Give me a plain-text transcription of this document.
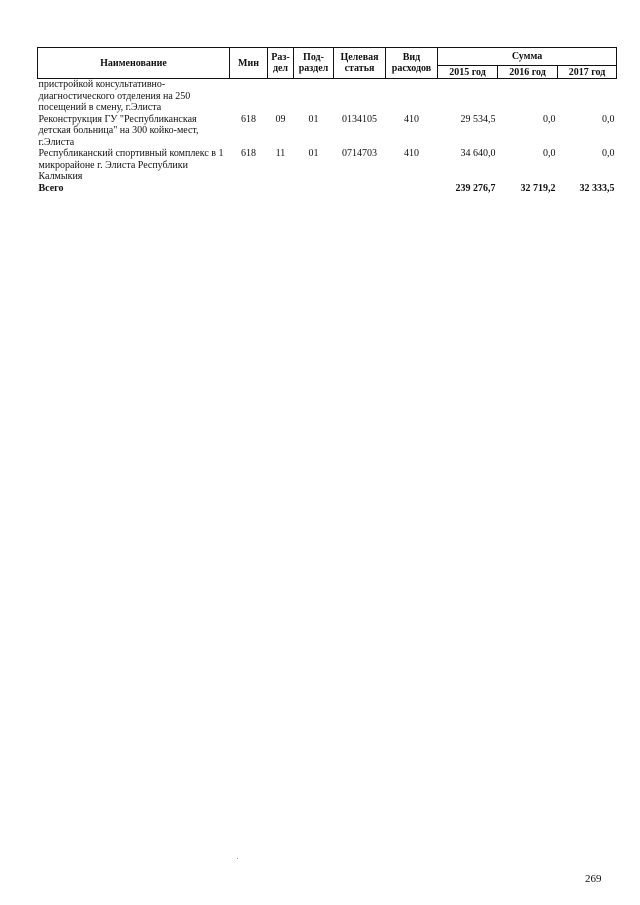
Наименование	Мин	Раз-дел	Под-раздел	Целевая статья	Вид расходов	Сумма		
						2015 год	2016 год	2017 год
пристройкой консультативно-диагностического отделения на 250 посещений в смену, г.Элиста								
Реконструкция ГУ "Республиканская детская больница" на 300 койко-мест, г.Элиста	618	09	01	0134105	410	29 534,5	0,0	0,0
Республиканский спортивный комплекс в 1 микрорайоне г. Элиста Республики Калмыкия	618	11	01	0714703	410	34 640,0	0,0	0,0
Всего						239 276,7	32 719,2	32 333,5
269
